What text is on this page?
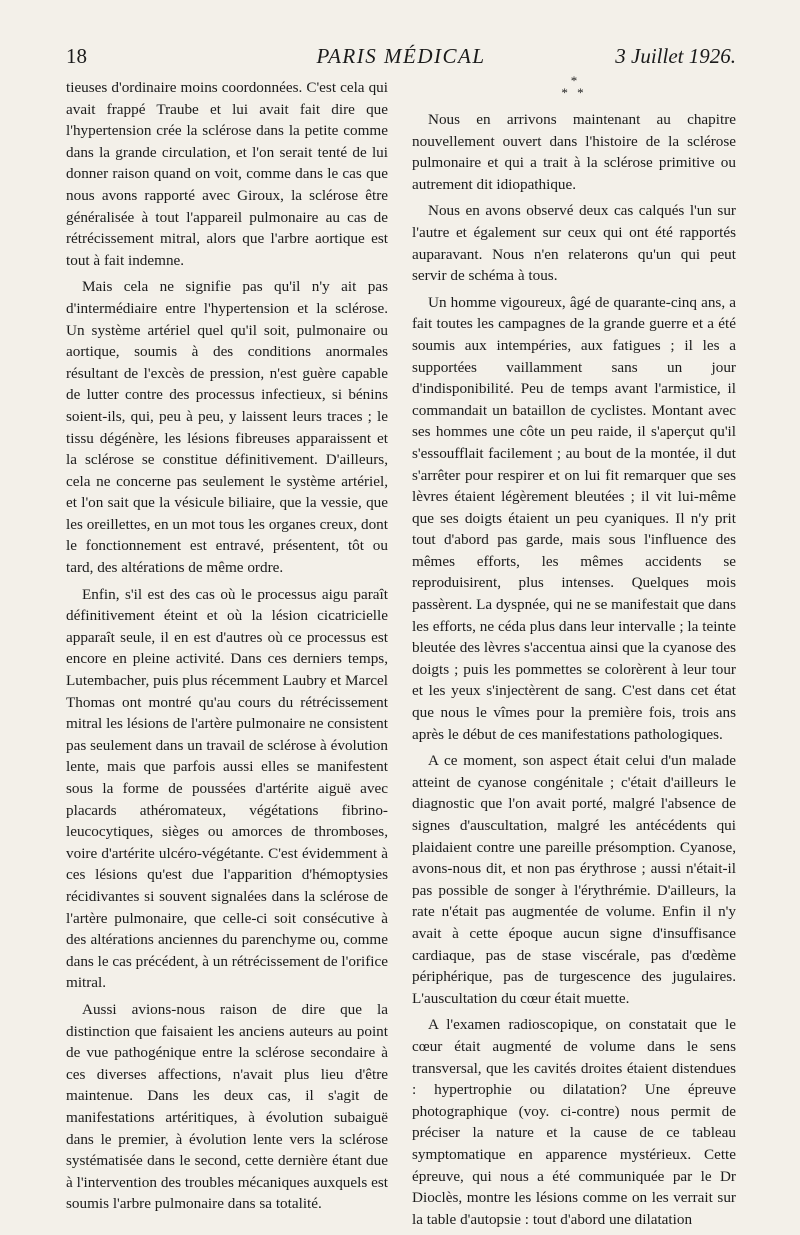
18	PARIS MÉDICAL	3 Juillet 1926.

tieuses d'ordinaire moins coordonnées. C'est cela qui avait frappé Traube et lui avait fait dire que l'hypertension crée la sclérose dans la petite comme dans la grande circulation, et l'on serait tenté de lui donner raison quand on voit, comme dans le cas que nous avons rapporté avec Giroux, la sclérose être généralisée à tout l'appareil pulmonaire au cas de rétrécissement mitral, alors que l'arbre aortique est tout à fait indemne.

Mais cela ne signifie pas qu'il n'y ait pas d'intermédiaire entre l'hypertension et la sclérose. Un système artériel quel qu'il soit, pulmonaire ou aortique, soumis à des conditions anormales résultant de l'excès de pression, n'est guère capable de lutter contre des processus infectieux, si bénins soient-ils, qui, peu à peu, y laissent leurs traces ; le tissu dégénère, les lésions fibreuses apparaissent et la sclérose se constitue définitivement. D'ailleurs, cela ne concerne pas seulement le système artériel, et l'on sait que la vésicule biliaire, que la vessie, que les oreillettes, en un mot tous les organes creux, dont le fonctionnement est entravé, présentent, tôt ou tard, des altérations de même ordre.

Enfin, s'il est des cas où le processus aigu paraît définitivement éteint et où la lésion cicatricielle apparaît seule, il en est d'autres où ce processus est encore en pleine activité. Dans ces derniers temps, Lutembacher, puis plus récemment Laubry et Marcel Thomas ont montré qu'au cours du rétrécissement mitral les lésions de l'artère pulmonaire ne consistent pas seulement dans un travail de sclérose à évolution lente, mais que parfois aussi elles se manifestent sous la forme de poussées d'artérite aiguë avec placards athéromateux, végétations fibrino-leucocytiques, sièges ou amorces de thromboses, voire d'artérite ulcéro-végétante. C'est évidemment à ces lésions qu'est due l'apparition d'hémoptysies récidivantes si souvent signalées dans la sclérose de l'artère pulmonaire, que celle-ci soit consécutive à des altérations anciennes du parenchyme ou, comme dans le cas précédent, à un rétrécissement de l'orifice mitral.

Aussi avions-nous raison de dire que la distinction que faisaient les anciens auteurs au point de vue pathogénique entre la sclérose secondaire à ces diverses affections, n'avait plus lieu d'être maintenue. Dans les deux cas, il s'agit de manifestations artéritiques, à évolution subaiguë dans le premier, à évolution lente vers la sclérose systématisée dans le second, cette dernière étant due à l'intervention des troubles mécaniques auxquels est soumis l'arbre pulmonaire dans sa totalité.

*
* *

Nous en arrivons maintenant au chapitre nouvellement ouvert dans l'histoire de la sclérose pulmonaire et qui a trait à la sclérose primitive ou autrement dit idiopathique.

Nous en avons observé deux cas calqués l'un sur l'autre et également sur ceux qui ont été rapportés auparavant. Nous n'en relaterons qu'un qui peut servir de schéma à tous.

Un homme vigoureux, âgé de quarante-cinq ans, a fait toutes les campagnes de la grande guerre et a été soumis aux intempéries, aux fatigues ; il les a supportées vaillamment sans un jour d'indisponibilité. Peu de temps avant l'armistice, il commandait un bataillon de cyclistes. Montant avec ses hommes une côte un peu raide, il s'aperçut qu'il s'essoufflait facilement ; au bout de la montée, il dut s'arrêter pour respirer et on lui fit remarquer que ses lèvres étaient légèrement bleutées ; il vit lui-même que ses doigts étaient un peu cyaniques. Il n'y prit tout d'abord pas garde, mais sous l'influence des mêmes efforts, les mêmes accidents se reproduisirent, plus intenses. Quelques mois passèrent. La dyspnée, qui ne se manifestait que dans les efforts, ne céda plus dans leur intervalle ; la teinte bleutée des lèvres s'accentua ainsi que la cyanose des doigts ; puis les pommettes se colorèrent à leur tour et les yeux s'injectèrent de sang. C'est dans cet état que nous le vîmes pour la première fois, trois ans après le début de ces manifestations pathologiques.

A ce moment, son aspect était celui d'un malade atteint de cyanose congénitale ; c'était d'ailleurs le diagnostic que l'on avait porté, malgré l'absence de signes d'auscultation, malgré les antécédents qui plaidaient contre une pareille présomption. Cyanose, avons-nous dit, et non pas érythrose ; aussi n'était-il pas possible de songer à l'érythrémie. D'ailleurs, la rate n'était pas augmentée de volume. Enfin il n'y avait à cette époque aucun signe d'insuffisance cardiaque, pas de stase viscérale, pas d'œdème périphérique, pas de turgescence des jugulaires. L'auscultation du cœur était muette.

A l'examen radioscopique, on constatait que le cœur était augmenté de volume dans le sens transversal, que les cavités droites étaient distendues : hypertrophie ou dilatation? Une épreuve photographique (voy. ci-contre) nous permit de préciser la nature et la cause de ce tableau symptomatique en apparence mystérieux. Cette épreuve, qui nous a été communiquée par le Dr Dioclès, montre les lésions comme on les verrait sur la table d'autopsie : tout d'abord une dilatation
